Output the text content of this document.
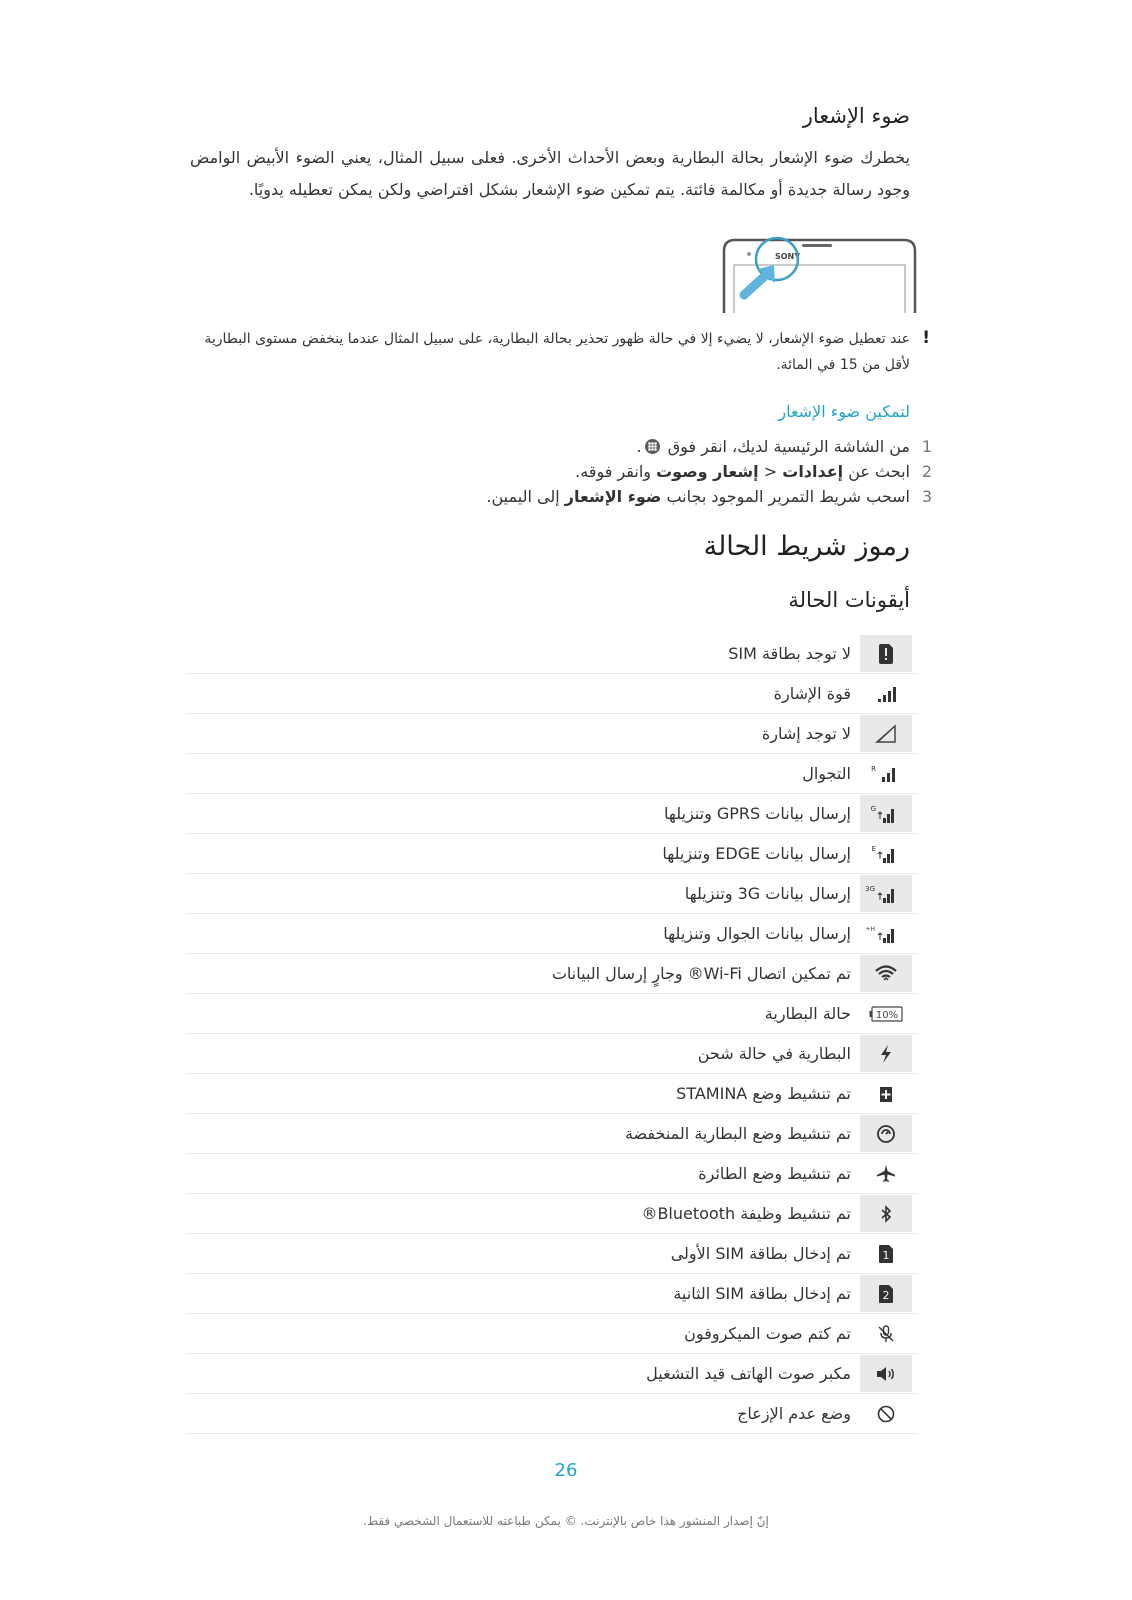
ضوء الإشعار

يخطرك ضوء الإشعار بحالة البطارية وبعض الأحداث الأخرى. فعلى سبيل المثال، يعني الضوء الأبيض الوامض وجود رسالة جديدة أو مكالمة فائتة. يتم تمكين ضوء الإشعار بشكل افتراضي ولكن يمكن تعطيله يدويًا.

SONY
!

عند تعطيل ضوء الإشعار، لا يضيء إلا في حالة ظهور تحذير بحالة البطارية، على سبيل المثال عندما ينخفض مستوى البطارية لأقل من 15 في المائة.

لتمكين ضوء الإشعار
1
من الشاشة الرئيسية لديك، انقر فوق .
2
ابحث عن إعدادات < إشعار وصوت وانقر فوقه.
3
اسحب شريط التمرير الموجود بجانب ضوء الإشعار إلى اليمين.
رموز شريط الحالة
أيقونات الحالة
لا توجد بطاقة SIM
قوة الإشارة
لا توجد إشارة
R
التجوال
G
إرسال بيانات GPRS وتنزيلها
E
إرسال بيانات EDGE وتنزيلها
3G
إرسال بيانات 3G وتنزيلها
H+
إرسال بيانات الجوال وتنزيلها
تم تمكين اتصال Wi-Fi® وجارٍ إرسال البيانات
10%
حالة البطارية
البطارية في حالة شحن
تم تنشيط وضع STAMINA
تم تنشيط وضع البطارية المنخفضة
تم تنشيط وضع الطائرة
تم تنشيط وظيفة Bluetooth®
1
تم إدخال بطاقة SIM الأولى
2
تم إدخال بطاقة SIM الثانية
تم كتم صوت الميكروفون
مكبر صوت الهاتف قيد التشغيل
وضع عدم الإزعاج
26
إنّ إصدار المنشور هذا خاص بالإنترنت. © يمكن طباعته للاستعمال الشخصي فقط.
